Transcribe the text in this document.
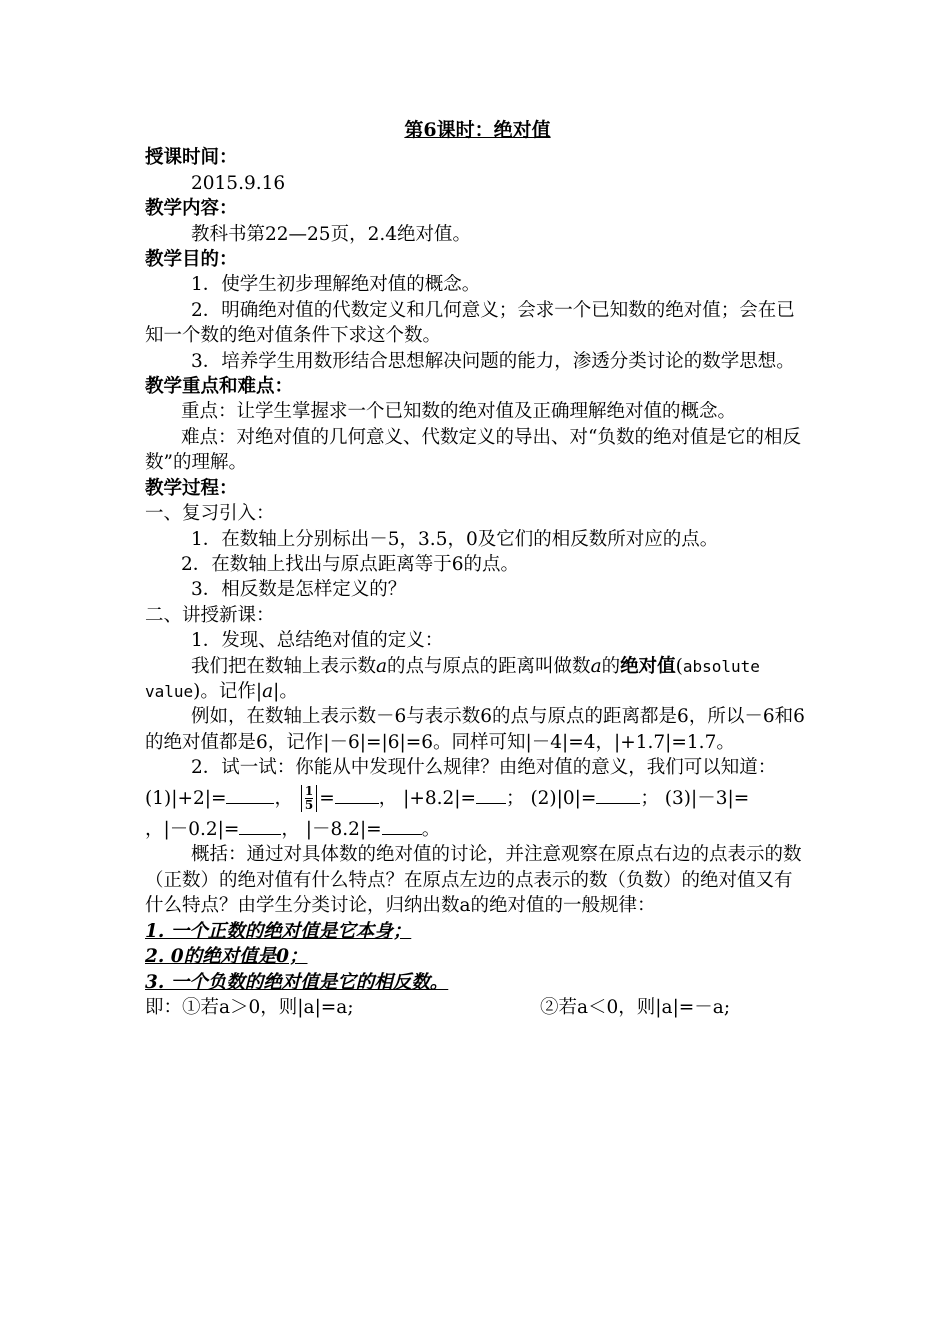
第6课时：绝对值
授课时间：
2015.9.16
教学内容：
教科书第22—25页，2.4绝对值。
教学目的：
1．使学生初步理解绝对值的概念。
2．明确绝对值的代数定义和几何意义；会求一个已知数的绝对值；会在已知一个数的绝对值条件下求这个数。
3．培养学生用数形结合思想解决问题的能力，渗透分类讨论的数学思想。
教学重点和难点：
重点：让学生掌握求一个已知数的绝对值及正确理解绝对值的概念。
难点：对绝对值的几何意义、代数定义的导出、对“负数的绝对值是它的相反数”的理解。
教学过程：
一、复习引入：
1．在数轴上分别标出－5，3.5，0及它们的相反数所对应的点。
2．在数轴上找出与原点距离等于6的点。
3．相反数是怎样定义的？
二、讲授新课：
1．发现、总结绝对值的定义：
我们把在数轴上表示数a的点与原点的距离叫做数a的绝对值(absolute value)。记作|a|。
例如，在数轴上表示数－6与表示数6的点与原点的距离都是6，所以－6和6的绝对值都是6，记作|－6|=|6|=6。同样可知|－4|=4，|+1.7|=1.7。
2．试一试：你能从中发现什么规律？由绝对值的意义，我们可以知道：
(1)|+2|=	， $\frac{1}{5}$ = ， |+8.2|= ； (2)|0|= ； (3)|－3|=
，|－0.2|= ， |－8.2|= 。
概括：通过对具体数的绝对值的讨论，并注意观察在原点右边的点表示的数（正数）的绝对值有什么特点？在原点左边的点表示的数（负数）的绝对值又有什么特点？由学生分类讨论，归纳出数a的绝对值的一般规律：
1. 一个正数的绝对值是它本身；
2. 0的绝对值是0；
3. 一个负数的绝对值是它的相反数。
即：①若a＞0，则|a|=a;	②若a＜0，则|a|=－a;
